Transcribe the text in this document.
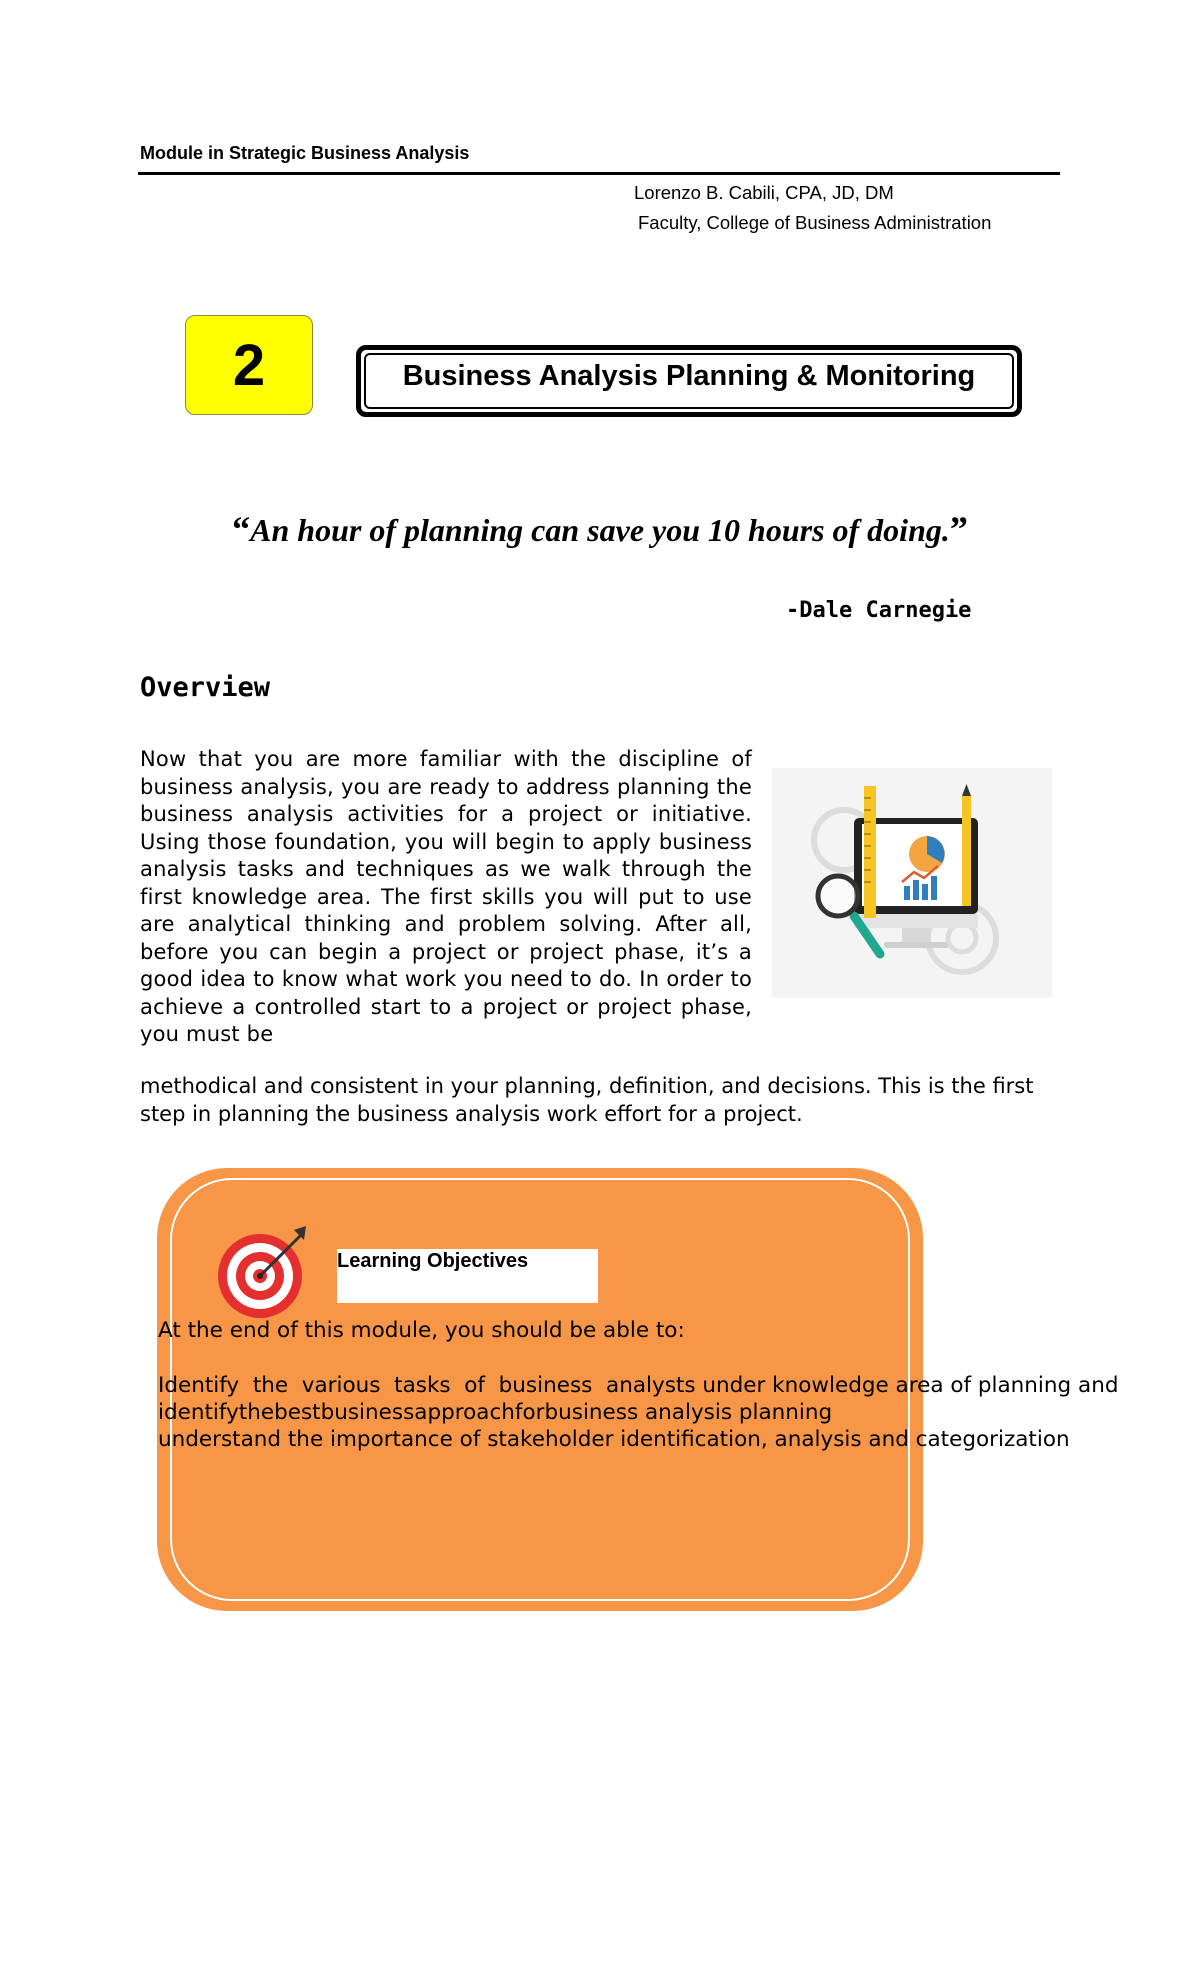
Module in Strategic Business Analysis
Lorenzo B. Cabili, CPA, JD, DM
Faculty, College of Business Administration
2	Business Analysis Planning & Monitoring
“An hour of planning can save you 10 hours of doing.”
-Dale Carnegie
Overview
Now that you are more familiar with the discipline of business analysis, you are ready to address planning the business analysis activities for a project or initiative. Using those foundation, you will begin to apply business analysis tasks and techniques as we walk through the first knowledge area. The first skills you will put to use are analytical thinking and problem solving. After all, before you can begin a project or project phase, it’s a good idea to know what work you need to do. In order to achieve a controlled start to a project or project phase, you must be
methodical and consistent in your planning, definition, and decisions. This is the first step in planning the business analysis work effort for a project.
Learning Objectives
At the end of this module, you should be able to:
Identify  the  various  tasks  of  business  analysts under knowledge area of planning and
identifythebestbusinessapproachforbusiness analysis planning
understand the importance of stakeholder identification, analysis and categorization
